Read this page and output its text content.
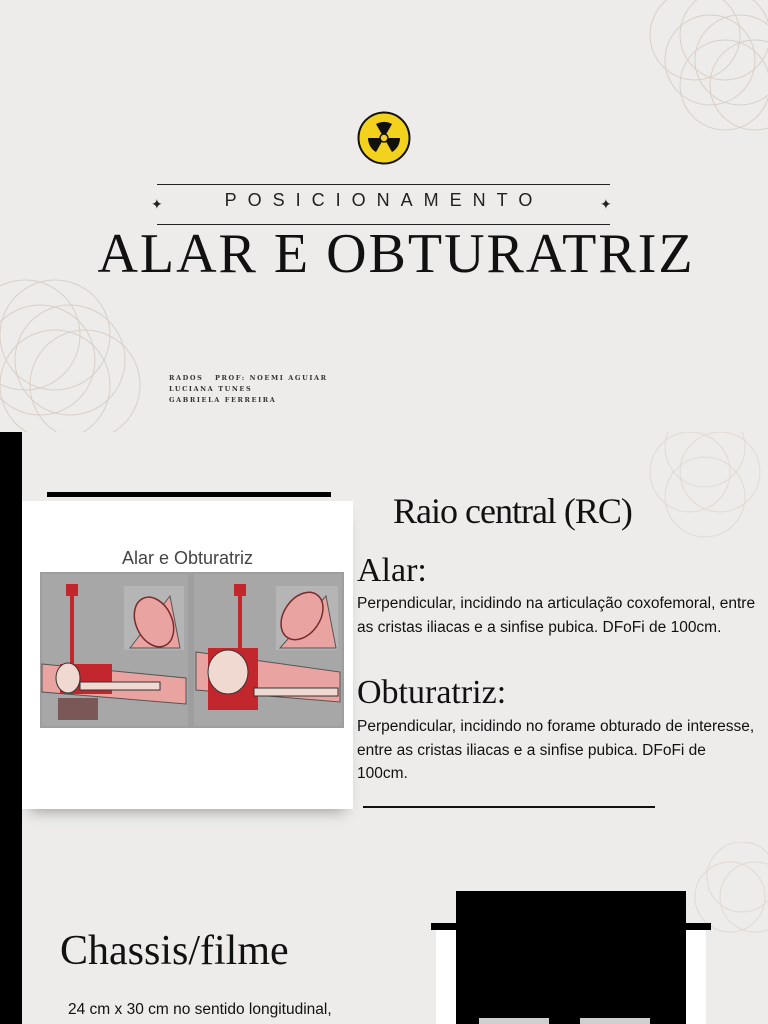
✦	POSICIONAMENTO	✦
ALAR E OBTURATRIZ
RADOS   PROF: NOEMI AGUIAR
LUCIANA TUNES
GABRIELA FERREIRA
Alar e Obturatriz
Raio central (RC)
Alar:
Perpendicular, incidindo na articulação coxofemoral, entre as cristas iliacas e a sinfise pubica. DFoFi de 100cm.
Obturatriz:
Perpendicular, incidindo no forame obturado de interesse, entre as cristas iliacas e a sinfise pubica. DFoFi de 100cm.
Chassis/filme
24 cm x 30 cm no sentido longitudinal,
